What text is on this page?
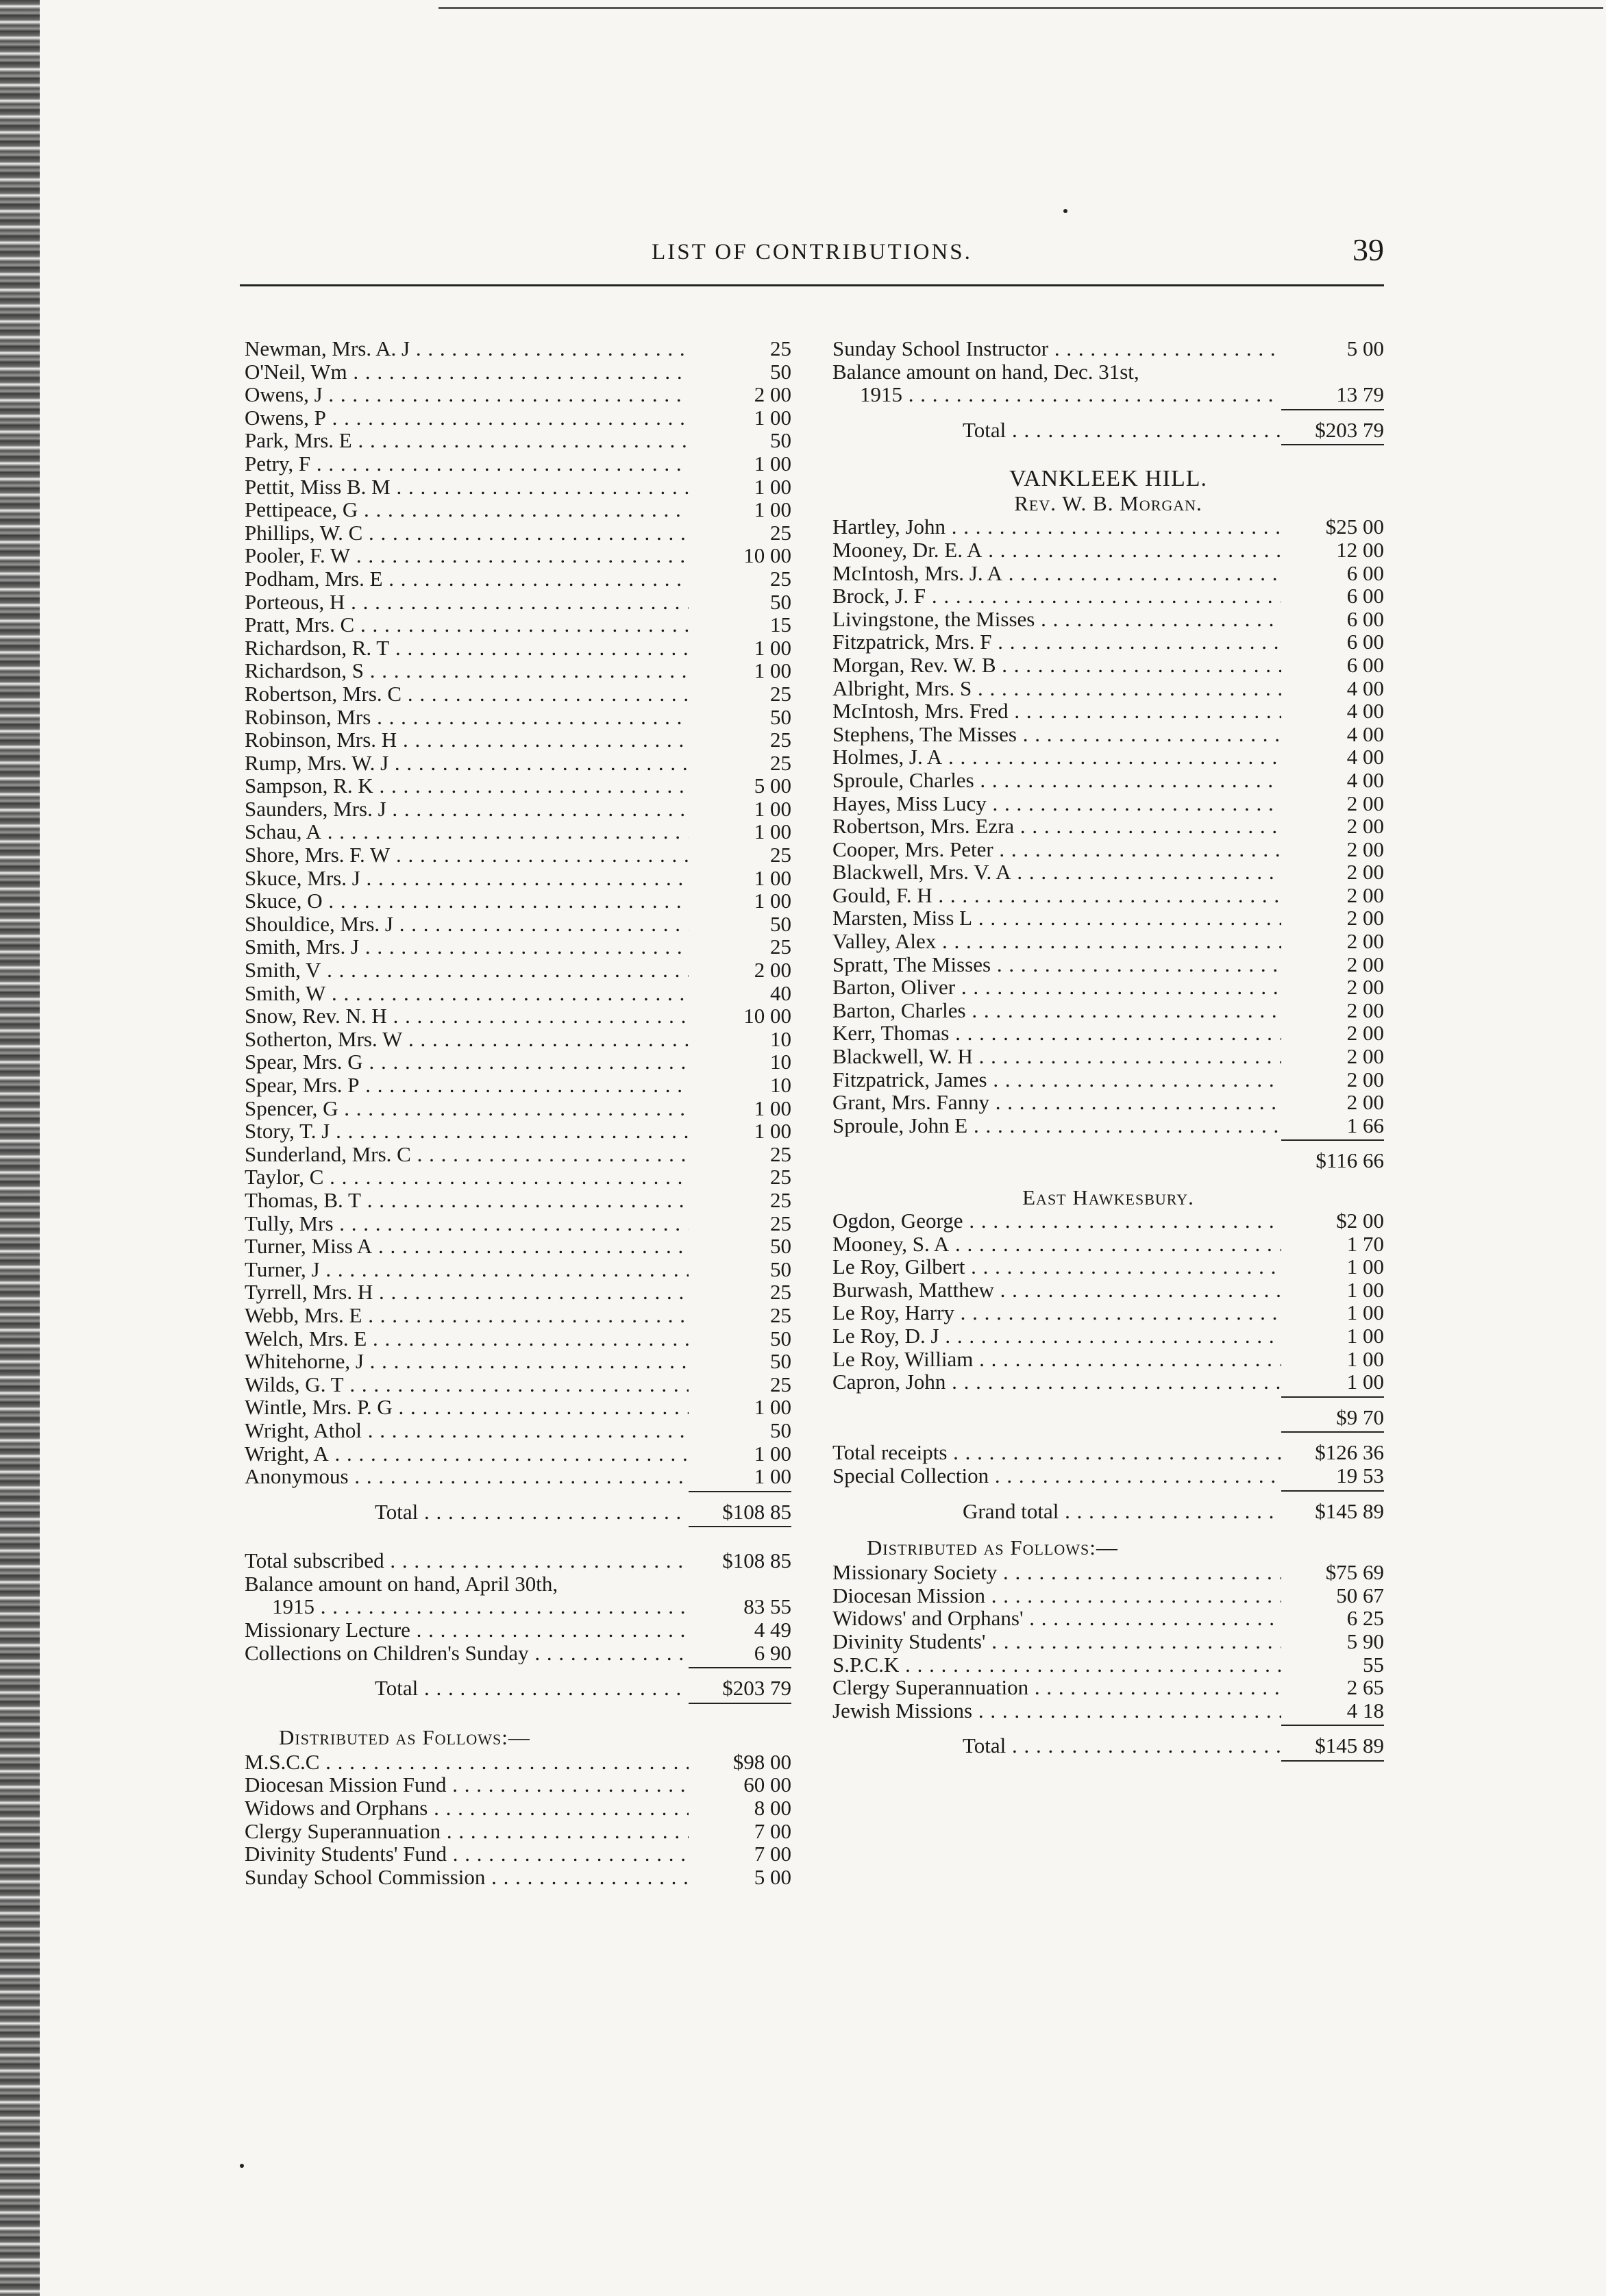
LIST OF CONTRIBUTIONS.	39
Newman, Mrs. A. J . . .	25
O'Neil, Wm . . .	50
Owens, J . . .	2 00
Owens, P . . .	1 00
Park, Mrs. E . . .	50
Petry, F . . .	1 00
Pettit, Miss B. M . . .	1 00
Pettipeace, G . . .	1 00
Phillips, W. C . . .	25
Pooler, F. W . . .	10 00
Podham, Mrs. E . . .	25
Porteous, H . . .	50
Pratt, Mrs. C . . .	15
Richardson, R. T . . .	1 00
Richardson, S . . .	1 00
Robertson, Mrs. C . . .	25
Robinson, Mrs . . .	50
Robinson, Mrs. H . . .	25
Rump, Mrs. W. J . . .	25
Sampson, R. K . . .	5 00
Saunders, Mrs. J . . .	1 00
Schau, A . . .	1 00
Shore, Mrs. F. W . . .	25
Skuce, Mrs. J . . .	1 00
Skuce, O . . .	1 00
Shouldice, Mrs. J . . .	50
Smith, Mrs. J . . .	25
Smith, V . . .	2 00
Smith, W . . .	40
Snow, Rev. N. H . . .	10 00
Sotherton, Mrs. W . . .	10
Spear, Mrs. G . . .	10
Spear, Mrs. P . . .	10
Spencer, G . . .	1 00
Story, T. J . . .	1 00
Sunderland, Mrs. C . . .	25
Taylor, C . . .	25
Thomas, B. T . . .	25
Tully, Mrs . . .	25
Turner, Miss A . . .	50
Turner, J . . .	50
Tyrrell, Mrs. H . . .	25
Webb, Mrs. E . . .	25
Welch, Mrs. E . . .	50
Whitehorne, J . . .	50
Wilds, G. T . . .	25
Wintle, Mrs. P. G . . .	1 00
Wright, Athol . . .	50
Wright, A . . .	1 00
Anonymous . . .	1 00
Total . . .	$108 85
Total subscribed . . .	$108 85
Balance amount on hand, April 30th,
1915 . . .	83 55
Missionary Lecture . . .	4 49
Collections on Children's Sunday . . .	6 90
Total . . .	$203 79
Distributed as Follows:—
M.S.C.C . . .	$98 00
Diocesan Mission Fund . . .	60 00
Widows and Orphans . . .	8 00
Clergy Superannuation . . .	7 00
Divinity Students' Fund . . .	7 00
Sunday School Commission . . .	5 00
Sunday School Instructor . . .	5 00
Balance amount on hand, Dec. 31st,
1915 . . .	13 79
Total . . .	$203 79
VANKLEEK HILL.
Rev. W. B. Morgan.
Hartley, John . . .	$25 00
Mooney, Dr. E. A . . .	12 00
McIntosh, Mrs. J. A . . .	6 00
Brock, J. F . . .	6 00
Livingstone, the Misses . . .	6 00
Fitzpatrick, Mrs. F . . .	6 00
Morgan, Rev. W. B . . .	6 00
Albright, Mrs. S . . .	4 00
McIntosh, Mrs. Fred . . .	4 00
Stephens, The Misses . . .	4 00
Holmes, J. A . . .	4 00
Sproule, Charles . . .	4 00
Hayes, Miss Lucy . . .	2 00
Robertson, Mrs. Ezra . . .	2 00
Cooper, Mrs. Peter . . .	2 00
Blackwell, Mrs. V. A . . .	2 00
Gould, F. H . . .	2 00
Marsten, Miss L . . .	2 00
Valley, Alex . . .	2 00
Spratt, The Misses . . .	2 00
Barton, Oliver . . .	2 00
Barton, Charles . . .	2 00
Kerr, Thomas . . .	2 00
Blackwell, W. H . . .	2 00
Fitzpatrick, James . . .	2 00
Grant, Mrs. Fanny . . .	2 00
Sproule, John E . . .	1 66
$116 66
East Hawkesbury.
Ogdon, George . . .	$2 00
Mooney, S. A . . .	1 70
Le Roy, Gilbert . . .	1 00
Burwash, Matthew . . .	1 00
Le Roy, Harry . . .	1 00
Le Roy, D. J . . .	1 00
Le Roy, William . . .	1 00
Capron, John . . .	1 00
$9 70
Total receipts . . .	$126 36
Special Collection . . .	19 53
Grand total . . .	$145 89
Distributed as Follows:—
Missionary Society . . .	$75 69
Diocesan Mission . . .	50 67
Widows' and Orphans' . . .	6 25
Divinity Students' . . .	5 90
S.P.C.K . . .	55
Clergy Superannuation . . .	2 65
Jewish Missions . . .	4 18
Total . . .	$145 89
